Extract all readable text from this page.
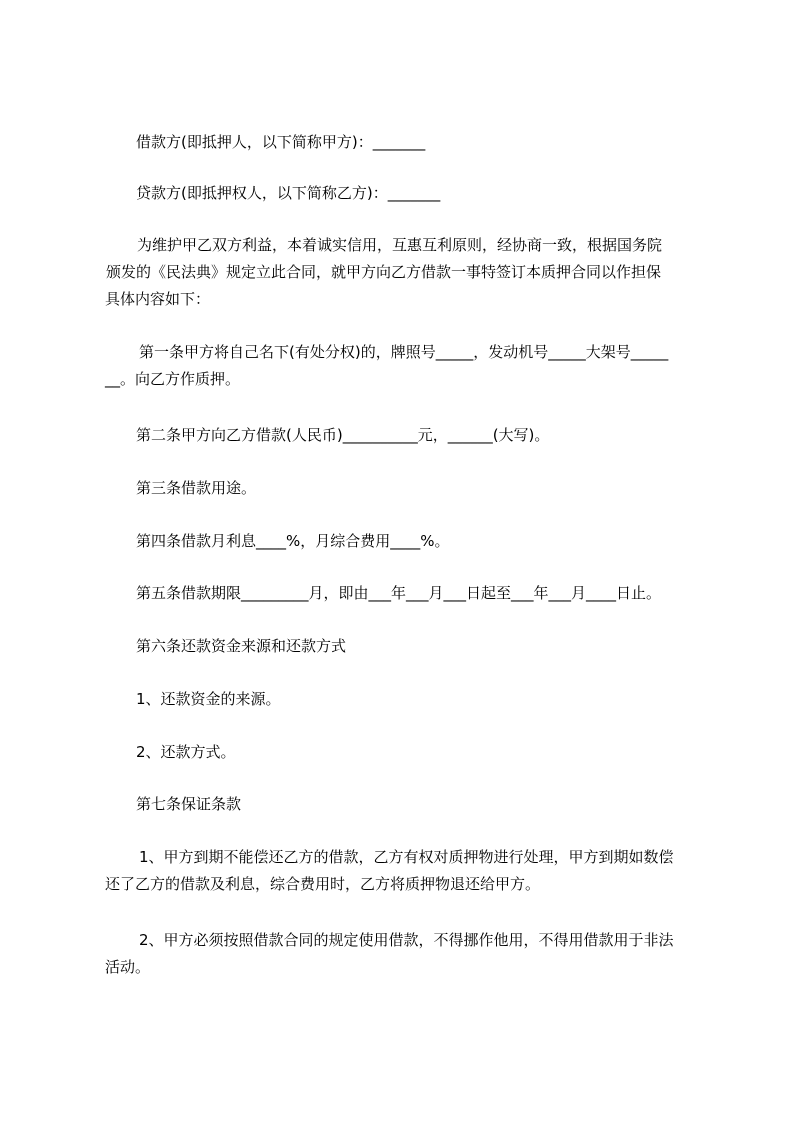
借款方(即抵押人，以下简称甲方)：_______

贷款方(即抵押权人，以下简称乙方)：_______

为维护甲乙双方利益，本着诚实信用，互惠互利原则，经协商一致，根据国务院
颁发的《民法典》规定立此合同，就甲方向乙方借款一事特签订本质押合同以作担保
具体内容如下：
第一条甲方将自己名下(有处分权)的，牌照号_____，发动机号_____大架号_____
__。向乙方作质押。

第二条甲方向乙方借款(人民币)__________元，______(大写)。

第三条借款用途。

第四条借款月利息____%，月综合费用____%。

第五条借款期限_________月，即由___年___月___日起至___年___月____日止。

第六条还款资金来源和还款方式

1、还款资金的来源。

2、还款方式。

第七条保证条款

1、甲方到期不能偿还乙方的借款，乙方有权对质押物进行处理，甲方到期如数偿
还了乙方的借款及利息，综合费用时，乙方将质押物退还给甲方。
2、甲方必须按照借款合同的规定使用借款，不得挪作他用，不得用借款用于非法
活动。
